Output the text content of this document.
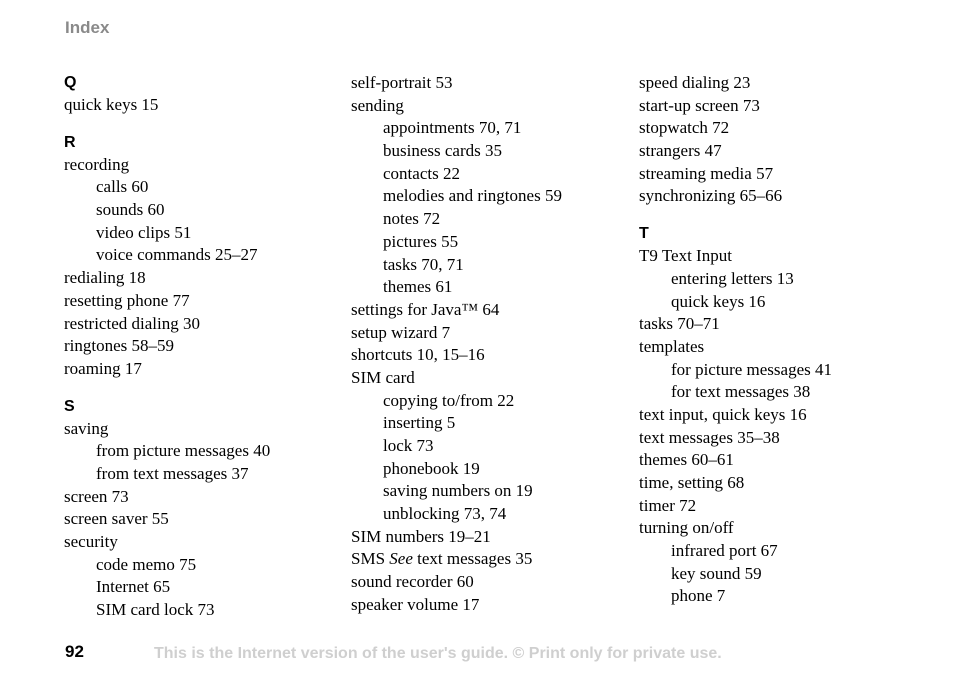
Index
Q
quick keys 15
R
recording
calls 60
sounds 60
video clips 51
voice commands 25–27
redialing 18
resetting phone 77
restricted dialing 30
ringtones 58–59
roaming 17
S
saving
from picture messages 40
from text messages 37
screen 73
screen saver 55
security
code memo 75
Internet 65
SIM card lock 73
self-portrait 53
sending
appointments 70, 71
business cards 35
contacts 22
melodies and ringtones 59
notes 72
pictures 55
tasks 70, 71
themes 61
settings for Java™ 64
setup wizard 7
shortcuts 10, 15–16
SIM card
copying to/from 22
inserting 5
lock 73
phonebook 19
saving numbers on 19
unblocking 73, 74
SIM numbers 19–21
SMS See text messages 35
sound recorder 60
speaker volume 17
speed dialing 23
start-up screen 73
stopwatch 72
strangers 47
streaming media 57
synchronizing 65–66
T
T9 Text Input
entering letters 13
quick keys 16
tasks 70–71
templates
for picture messages 41
for text messages 38
text input, quick keys 16
text messages 35–38
themes 60–61
time, setting 68
timer 72
turning on/off
infrared port 67
key sound 59
phone 7
92	This is the Internet version of the user's guide. © Print only for private use.
